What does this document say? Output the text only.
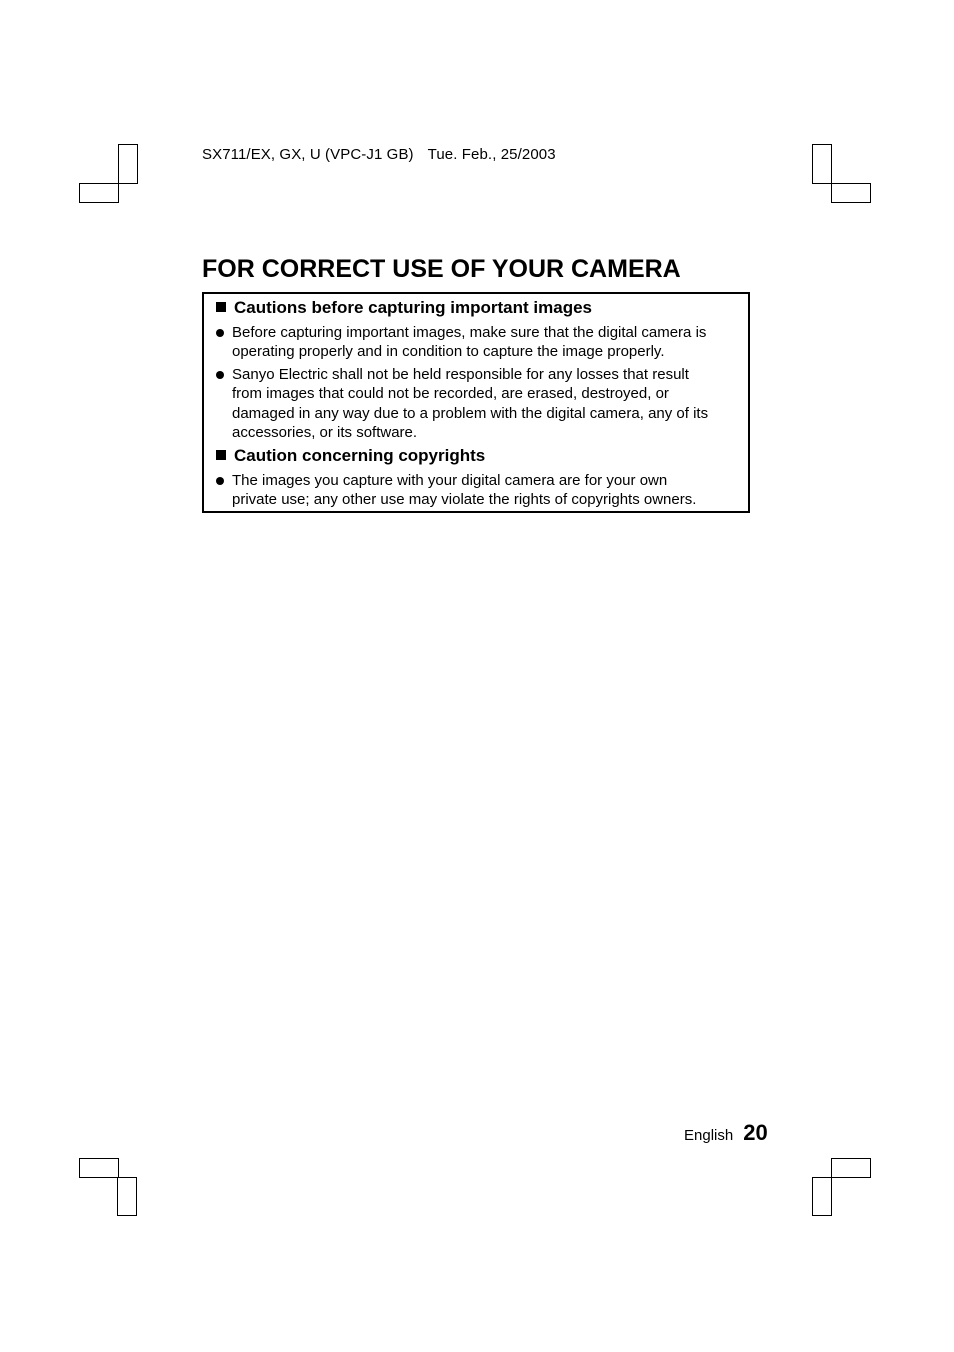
SX711/EX, GX, U (VPC-J1 GB) Tue. Feb., 25/2003
FOR CORRECT USE OF YOUR CAMERA
Cautions before capturing important images
Before capturing important images, make sure that the digital camera is
operating properly and in condition to capture the image properly.
Sanyo Electric shall not be held responsible for any losses that result
from images that could not be recorded, are erased, destroyed, or
damaged in any way due to a problem with the digital camera, any of its
accessories, or its software.
Caution concerning copyrights
The images you capture with your digital camera are for your own
private use; any other use may violate the rights of copyrights owners.
English 20
